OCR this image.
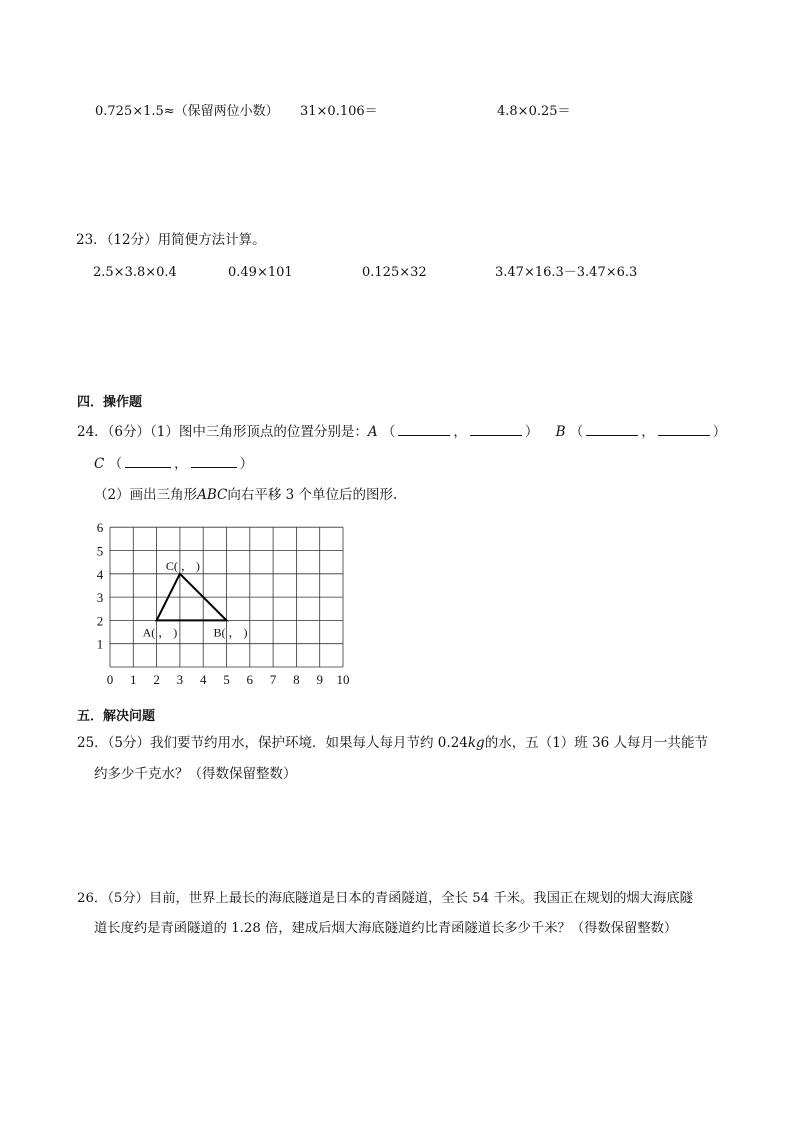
0.725×1.5≈（保留两位小数） 31×0.106＝	4.8×0.25＝
23．（12分）用简便方法计算。
2.5×3.8×0.4	0.49×101	0.125×32	3.47×16.3－3.47×6.3
四．操作题
24．（6分）（1）图中三角形顶点的位置分别是：A （	，	） B （	，	）
C （	，	）
（2）画出三角形ABC向右平移 3 个单位后的图形.
0 1 2 3 4 5 6 7 8 9 10
1
2
3
4
5
6
A( ， )	B( ， )
C( ， )
五．解决问题
25．（5分）我们要节约用水，保护环境．如果每人每月节约 0.24kg的水，五（1）班 36 人每月一共能节
约多少千克水？（得数保留整数）
26．（5分）目前，世界上最长的海底隧道是日本的青函隧道，全长 54 千米。我国正在规划的烟大海底隧
道长度约是青函隧道的 1.28 倍，建成后烟大海底隧道约比青函隧道长多少千米？（得数保留整数）
